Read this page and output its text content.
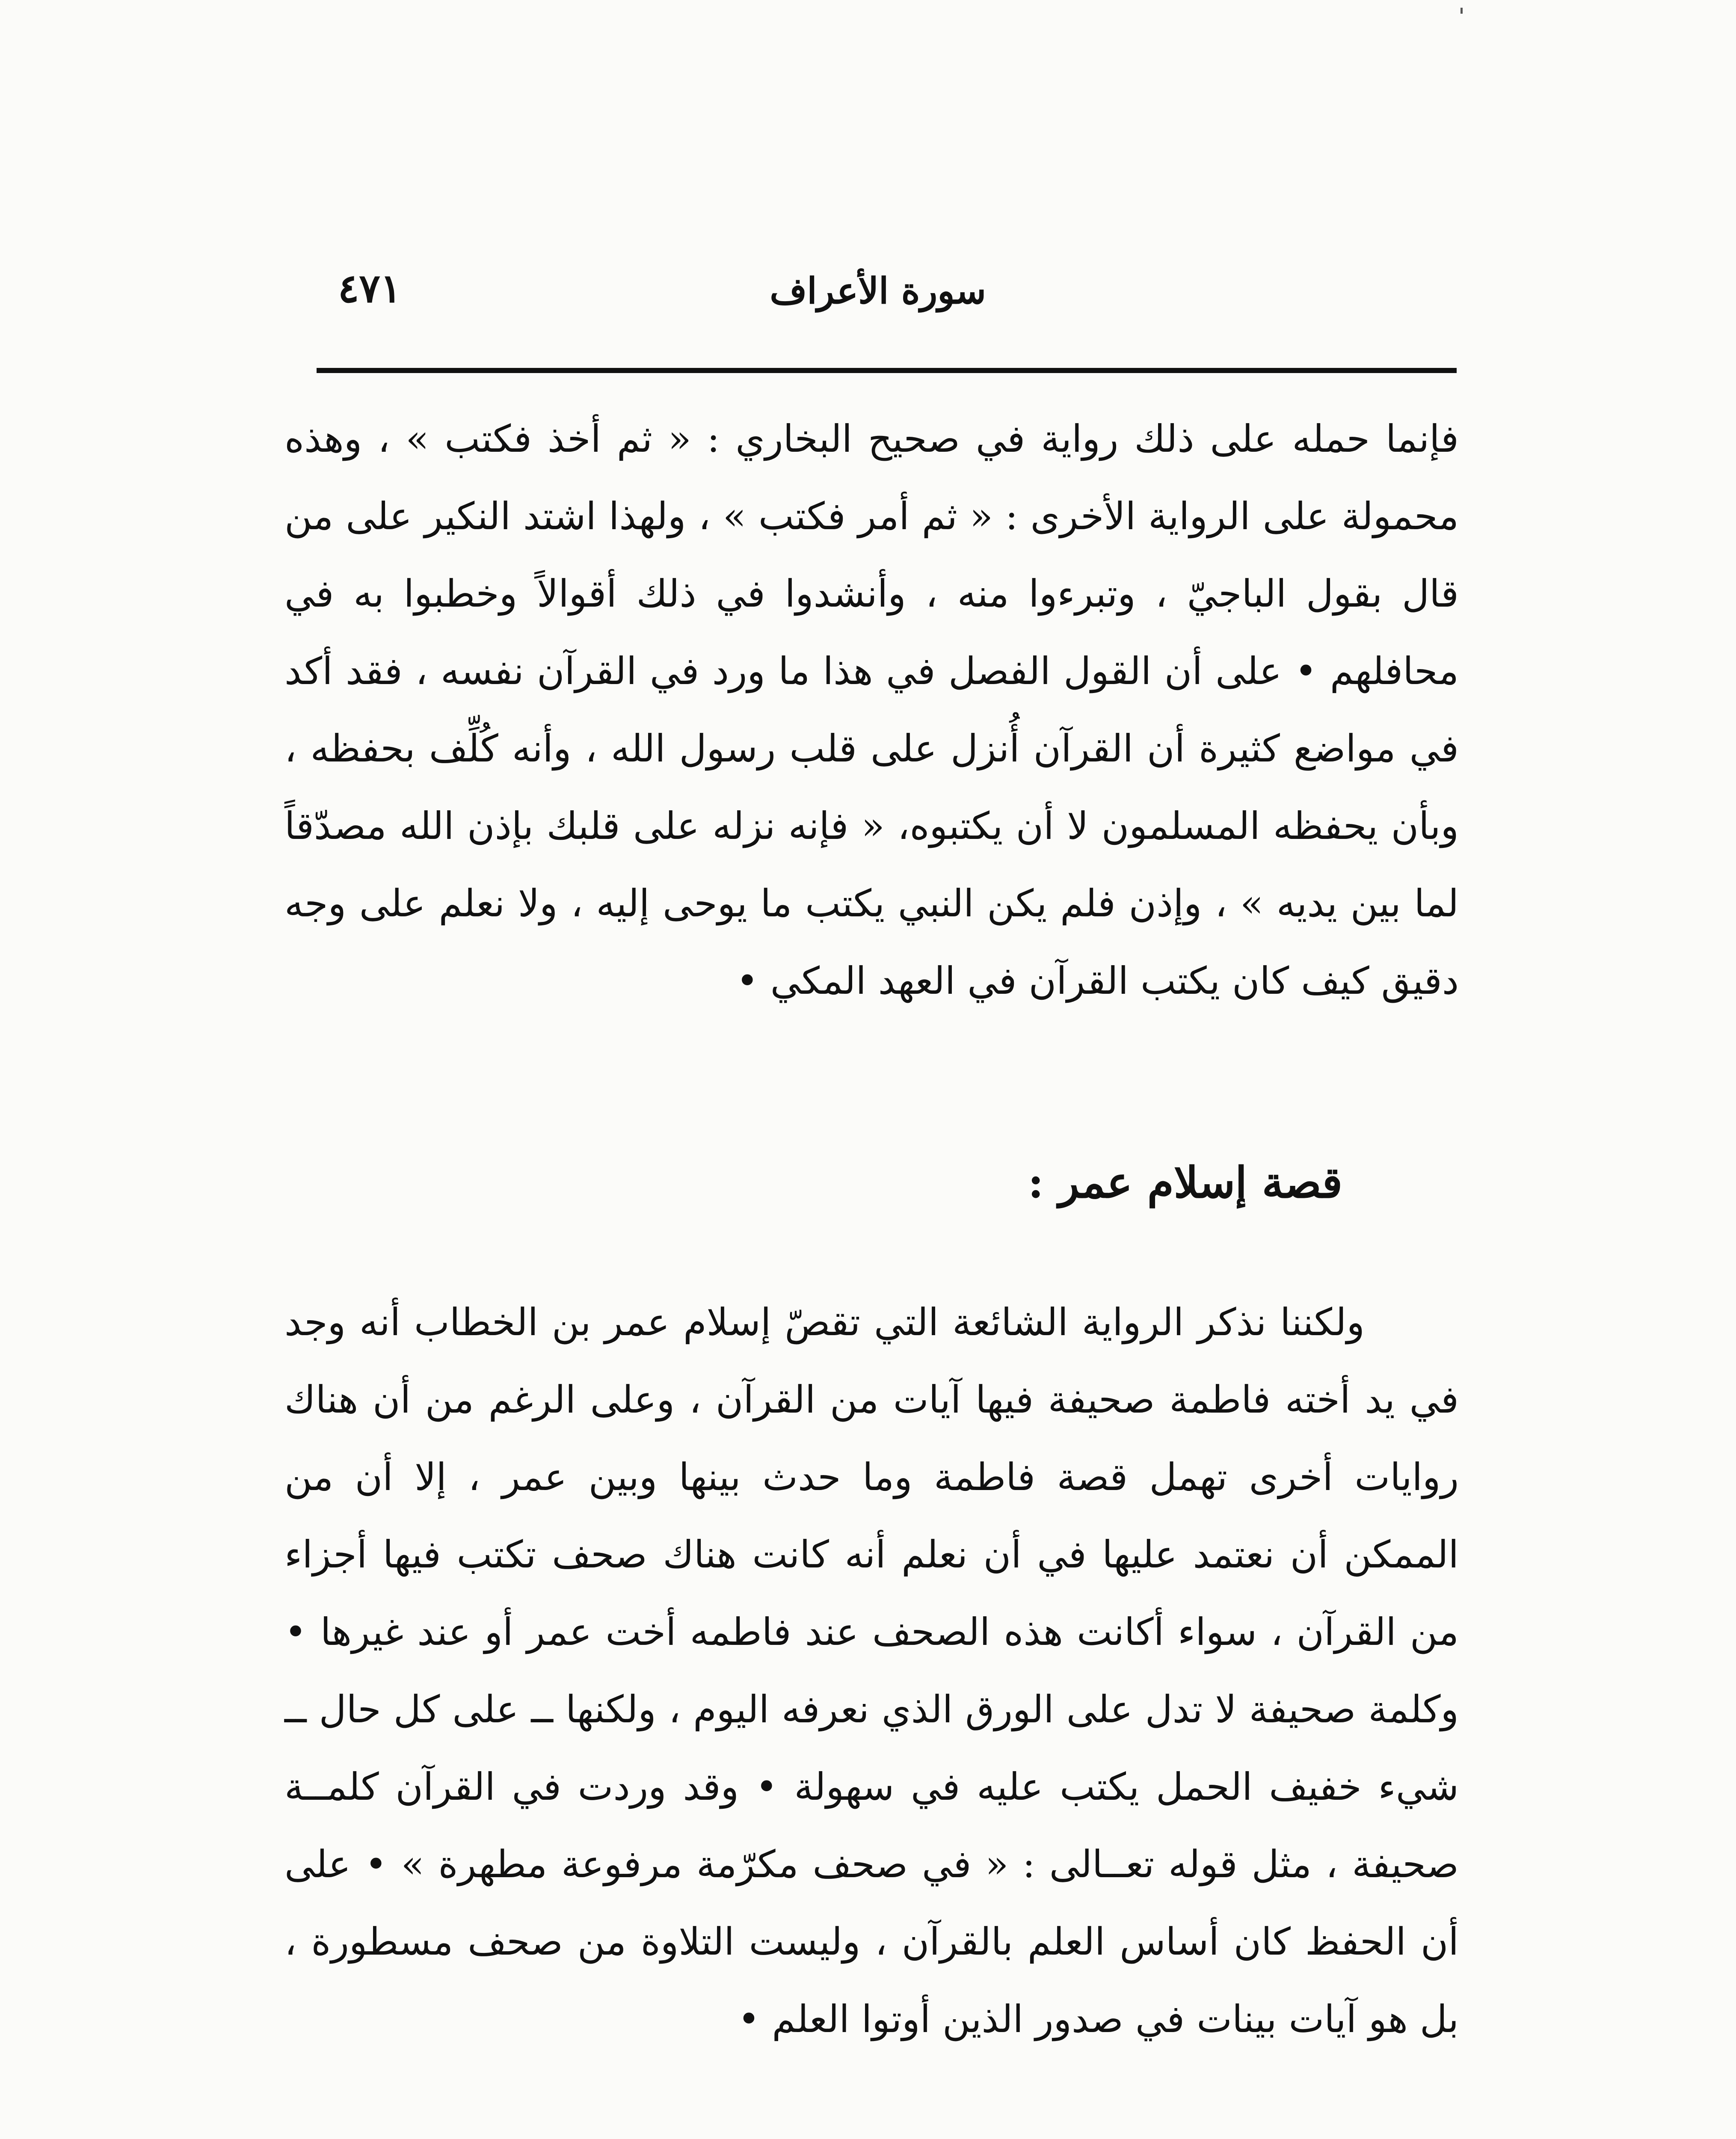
سورة الأعراف
٤٧١

فإنما حمله على ذلك رواية في صحيح البخاري : « ثم أخذ فكتب » ، وهذه محمولة على الرواية الأخرى : « ثم أمر فكتب » ، ولهذا اشتد النكير على من قال بقول الباجيّ ، وتبرءوا منه ، وأنشدوا في ذلك أقوالاً وخطبوا به في محافلهم • على أن القول الفصل في هذا ما ورد في القرآن نفسه ، فقد أكد في مواضع كثيرة أن القرآن أُنزل على قلب رسول الله ، وأنه كُلِّف بحفظه ، وبأن يحفظه المسلمون لا أن يكتبوه، « فإنه نزله على قلبك بإذن الله مصدّقاً لما بين يديه » ، وإذن فلم يكن النبي يكتب ما يوحى إليه ، ولا نعلم على وجه دقيق كيف كان يكتب القرآن في العهد المكي •

قصة إسلام عمر :

ولكننا نذكر الرواية الشائعة التي تقصّ إسلام عمر بن الخطاب أنه وجد في يد أخته فاطمة صحيفة فيها آيات من القرآن ، وعلى الرغم من أن هناك روايات أخرى تهمل قصة فاطمة وما حدث بينها وبين عمر ، إلا أن من الممكن أن نعتمد عليها في أن نعلم أنه كانت هناك صحف تكتب فيها أجزاء من القرآن ، سواء أكانت هذه الصحف عند فاطمه أخت عمر أو عند غيرها • وكلمة صحيفة لا تدل على الورق الذي نعرفه اليوم ، ولكنها ــ على كل حال ــ شيء خفيف الحمل يكتب عليه في سهولة • وقد وردت في القرآن كلمــة صحيفة ، مثل قوله تعــالى : « في صحف مكرّمة مرفوعة مطهرة » • على أن الحفظ كان أساس العلم بالقرآن ، وليست التلاوة من صحف مسطورة ، بل هو آيات بينات في صدور الذين أوتوا العلم •
